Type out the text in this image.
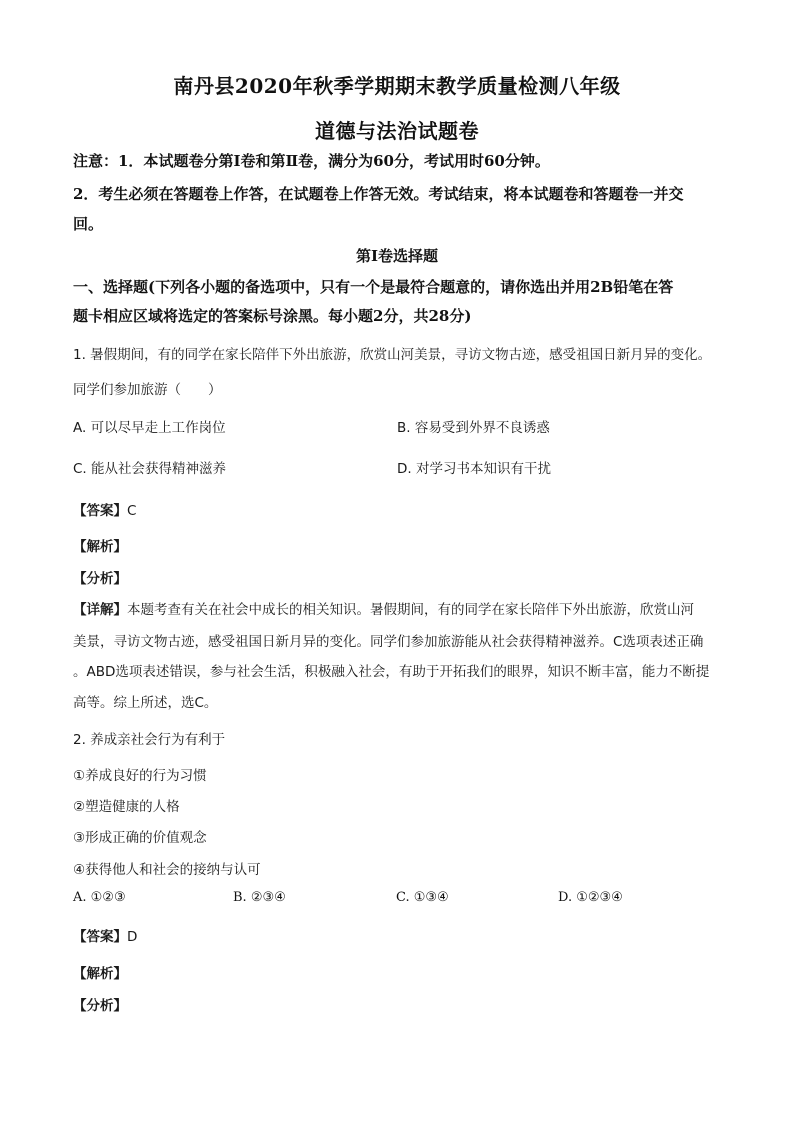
南丹县2020年秋季学期期末教学质量检测八年级
道德与法治试题卷
注意：1．本试题卷分第Ⅰ卷和第Ⅱ卷，满分为60分，考试用时60分钟。
2．考生必须在答题卷上作答，在试题卷上作答无效。考试结束，将本试题卷和答题卷一并交
回。
第Ⅰ卷选择题
一、选择题(下列各小题的备选项中，只有一个是最符合题意的，请你选出并用2B铅笔在答
题卡相应区域将选定的答案标号涂黑。每小题2分，共28分)
1. 暑假期间，有的同学在家长陪伴下外出旅游，欣赏山河美景，寻访文物古迹，感受祖国日新月异的变化。
同学们参加旅游（　　）
A. 可以尽早走上工作岗位	B. 容易受到外界不良诱惑
C. 能从社会获得精神滋养	D. 对学习书本知识有干扰
【答案】C
【解析】
【分析】
【详解】本题考查有关在社会中成长的相关知识。暑假期间，有的同学在家长陪伴下外出旅游，欣赏山河
美景，寻访文物古迹，感受祖国日新月异的变化。同学们参加旅游能从社会获得精神滋养。C选项表述正确
。ABD选项表述错误，参与社会生活，积极融入社会，有助于开拓我们的眼界，知识不断丰富，能力不断提
高等。综上所述，选C。
2. 养成亲社会行为有利于
①养成良好的行为习惯
②塑造健康的人格
③形成正确的价值观念
④获得他人和社会的接纳与认可
A. ①②③	B. ②③④	C. ①③④	D. ①②③④
【答案】D
【解析】
【分析】
